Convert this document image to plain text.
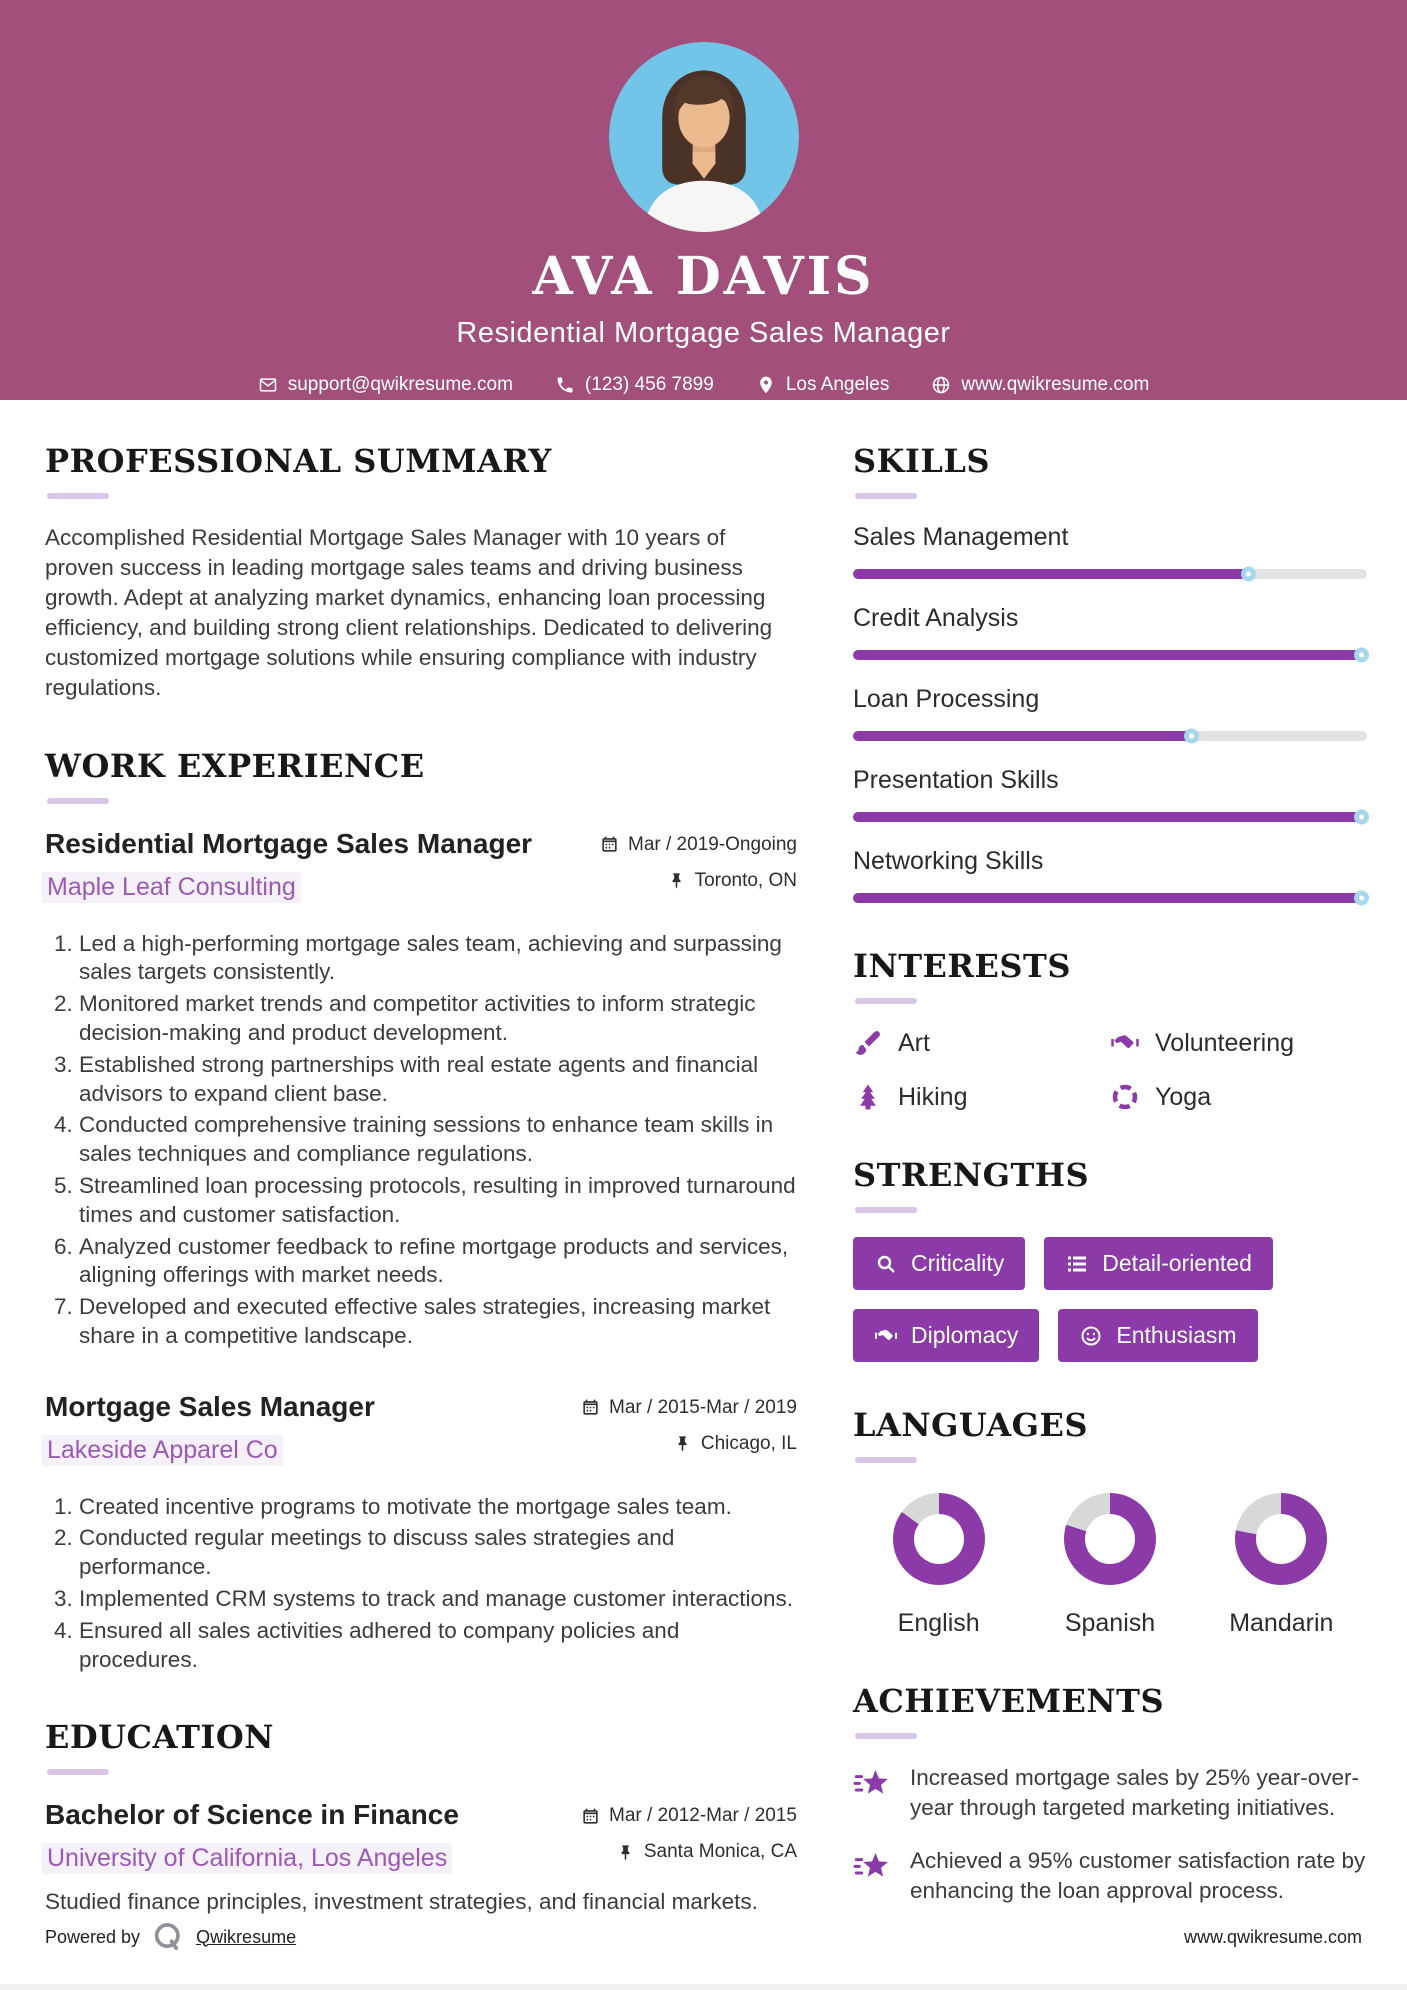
AVA DAVIS
Residential Mortgage Sales Manager
support@qwikresume.com	(123) 456 7899	Los Angeles	www.qwikresume.com
PROFESSIONAL SUMMARY
Accomplished Residential Mortgage Sales Manager with 10 years of proven success in leading mortgage sales teams and driving business growth. Adept at analyzing market dynamics, enhancing loan processing efficiency, and building strong client relationships. Dedicated to delivering customized mortgage solutions while ensuring compliance with industry regulations.
WORK EXPERIENCE
Residential Mortgage Sales Manager
Maple Leaf Consulting
Mar / 2019-Ongoing
Toronto, ON
1. Led a high-performing mortgage sales team, achieving and surpassing sales targets consistently.
2. Monitored market trends and competitor activities to inform strategic decision-making and product development.
3. Established strong partnerships with real estate agents and financial advisors to expand client base.
4. Conducted comprehensive training sessions to enhance team skills in sales techniques and compliance regulations.
5. Streamlined loan processing protocols, resulting in improved turnaround times and customer satisfaction.
6. Analyzed customer feedback to refine mortgage products and services, aligning offerings with market needs.
7. Developed and executed effective sales strategies, increasing market share in a competitive landscape.
Mortgage Sales Manager
Lakeside Apparel Co
Mar / 2015-Mar / 2019
Chicago, IL
1. Created incentive programs to motivate the mortgage sales team.
2. Conducted regular meetings to discuss sales strategies and performance.
3. Implemented CRM systems to track and manage customer interactions.
4. Ensured all sales activities adhered to company policies and procedures.
EDUCATION
Bachelor of Science in Finance
University of California, Los Angeles
Mar / 2012-Mar / 2015
Santa Monica, CA
Studied finance principles, investment strategies, and financial markets.
SKILLS
Sales Management
Credit Analysis
Loan Processing
Presentation Skills
Networking Skills
INTERESTS
Art	Volunteering
Hiking	Yoga
STRENGTHS
Criticality	Detail-oriented
Diplomacy	Enthusiasm
LANGUAGES
English	Spanish	Mandarin
ACHIEVEMENTS
Increased mortgage sales by 25% year-over-year through targeted marketing initiatives.
Achieved a 95% customer satisfaction rate by enhancing the loan approval process.
Powered by	Qwikresume	www.qwikresume.com
